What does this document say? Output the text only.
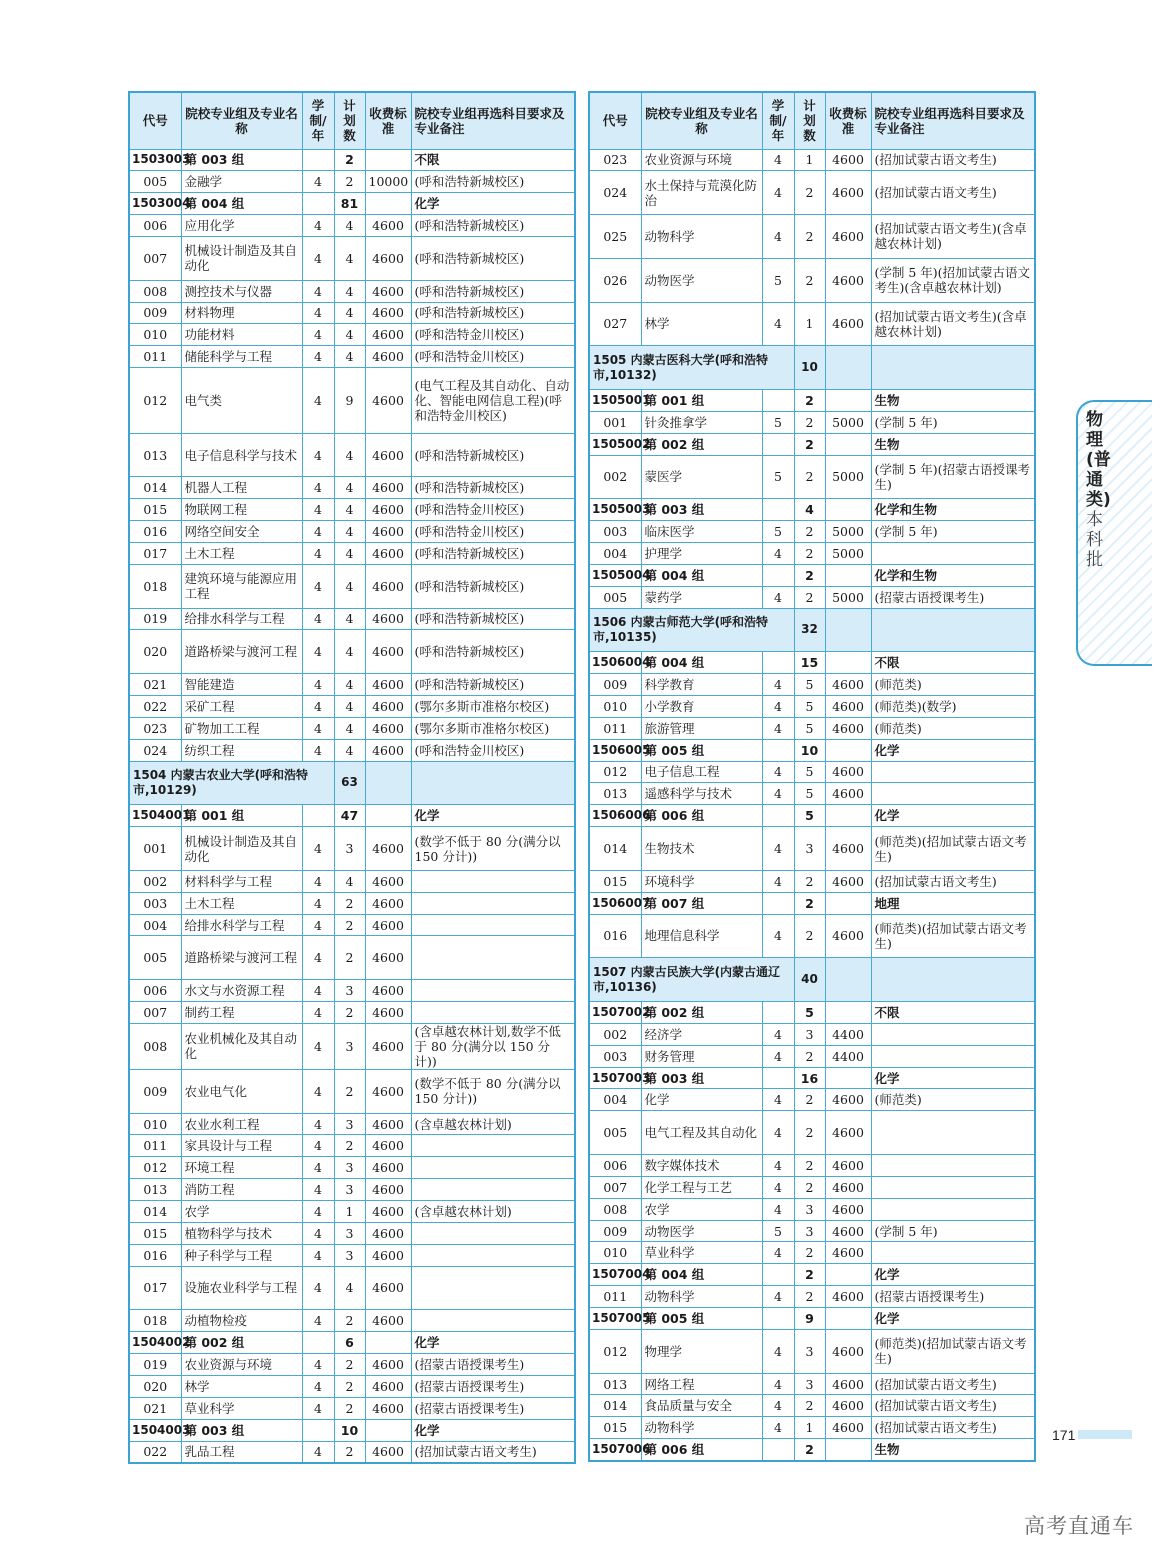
代号	院校专业组及专业名称	学制/年	计划数	收费标准	院校专业组再选科目要求及专业备注
1503003	第 003 组		2		不限
005	金融学	4	2	10000	(呼和浩特新城校区)
1503004	第 004 组		81		化学
006	应用化学	4	4	4600	(呼和浩特新城校区)
007	机械设计制造及其自动化	4	4	4600	(呼和浩特新城校区)
008	测控技术与仪器	4	4	4600	(呼和浩特新城校区)
009	材料物理	4	4	4600	(呼和浩特新城校区)
010	功能材料	4	4	4600	(呼和浩特金川校区)
011	储能科学与工程	4	4	4600	(呼和浩特金川校区)
012	电气类	4	9	4600	(电气工程及其自动化、自动化、智能电网信息工程)(呼和浩特金川校区)
013	电子信息科学与技术	4	4	4600	(呼和浩特新城校区)
014	机器人工程	4	4	4600	(呼和浩特新城校区)
015	物联网工程	4	4	4600	(呼和浩特金川校区)
016	网络空间安全	4	4	4600	(呼和浩特金川校区)
017	土木工程	4	4	4600	(呼和浩特新城校区)
018	建筑环境与能源应用工程	4	4	4600	(呼和浩特新城校区)
019	给排水科学与工程	4	4	4600	(呼和浩特新城校区)
020	道路桥梁与渡河工程	4	4	4600	(呼和浩特新城校区)
021	智能建造	4	4	4600	(呼和浩特新城校区)
022	采矿工程	4	4	4600	(鄂尔多斯市准格尔校区)
023	矿物加工工程	4	4	4600	(鄂尔多斯市准格尔校区)
024	纺织工程	4	4	4600	(呼和浩特金川校区)
1504 内蒙古农业大学(呼和浩特市,10129)			63		
1504001	第 001 组		47		化学
001	机械设计制造及其自动化	4	3	4600	(数学不低于 80 分(满分以 150 分计))
002	材料科学与工程	4	4	4600	
003	土木工程	4	2	4600	
004	给排水科学与工程	4	2	4600	
005	道路桥梁与渡河工程	4	2	4600	
006	水文与水资源工程	4	3	4600	
007	制药工程	4	2	4600	
008	农业机械化及其自动化	4	3	4600	(含卓越农林计划,数学不低于 80 分(满分以 150 分计))
009	农业电气化	4	2	4600	(数学不低于 80 分(满分以 150 分计))
010	农业水利工程	4	3	4600	(含卓越农林计划)
011	家具设计与工程	4	2	4600	
012	环境工程	4	3	4600	
013	消防工程	4	3	4600	
014	农学	4	1	4600	(含卓越农林计划)
015	植物科学与技术	4	3	4600	
016	种子科学与工程	4	3	4600	
017	设施农业科学与工程	4	4	4600	
018	动植物检疫	4	2	4600	
1504002	第 002 组		6		化学
019	农业资源与环境	4	2	4600	(招蒙古语授课考生)
020	林学	4	2	4600	(招蒙古语授课考生)
021	草业科学	4	2	4600	(招蒙古语授课考生)
1504003	第 003 组		10		化学
022	乳品工程	4	2	4600	(招加试蒙古语文考生)
代号	院校专业组及专业名称	学制/年	计划数	收费标准	院校专业组再选科目要求及专业备注
023	农业资源与环境	4	1	4600	(招加试蒙古语文考生)
024	水土保持与荒漠化防治	4	2	4600	(招加试蒙古语文考生)
025	动物科学	4	2	4600	(招加试蒙古语文考生)(含卓越农林计划)
026	动物医学	5	2	4600	(学制 5 年)(招加试蒙古语文考生)(含卓越农林计划)
027	林学	4	1	4600	(招加试蒙古语文考生)(含卓越农林计划)
1505 内蒙古医科大学(呼和浩特市,10132)			10		
1505001	第 001 组		2		生物
001	针灸推拿学	5	2	5000	(学制 5 年)
1505002	第 002 组		2		生物
002	蒙医学	5	2	5000	(学制 5 年)(招蒙古语授课考生)
1505003	第 003 组		4		化学和生物
003	临床医学	5	2	5000	(学制 5 年)
004	护理学	4	2	5000	
1505004	第 004 组		2		化学和生物
005	蒙药学	4	2	5000	(招蒙古语授课考生)
1506 内蒙古师范大学(呼和浩特市,10135)			32		
1506004	第 004 组		15		不限
009	科学教育	4	5	4600	(师范类)
010	小学教育	4	5	4600	(师范类)(数学)
011	旅游管理	4	5	4600	(师范类)
1506005	第 005 组		10		化学
012	电子信息工程	4	5	4600	
013	遥感科学与技术	4	5	4600	
1506006	第 006 组		5		化学
014	生物技术	4	3	4600	(师范类)(招加试蒙古语文考生)
015	环境科学	4	2	4600	(招加试蒙古语文考生)
1506007	第 007 组		2		地理
016	地理信息科学	4	2	4600	(师范类)(招加试蒙古语文考生)
1507 内蒙古民族大学(内蒙古通辽市,10136)			40		
1507002	第 002 组		5		不限
002	经济学	4	3	4400	
003	财务管理	4	2	4400	
1507003	第 003 组		16		化学
004	化学	4	2	4600	(师范类)
005	电气工程及其自动化	4	2	4600	
006	数字媒体技术	4	2	4600	
007	化学工程与工艺	4	2	4600	
008	农学	4	3	4600	
009	动物医学	5	3	4600	(学制 5 年)
010	草业科学	4	2	4600	
1507004	第 004 组		2		化学
011	动物科学	4	2	4600	(招蒙古语授课考生)
1507005	第 005 组		9		化学
012	物理学	4	3	4600	(师范类)(招加试蒙古语文考生)
013	网络工程	4	3	4600	(招加试蒙古语文考生)
014	食品质量与安全	4	2	4600	(招加试蒙古语文考生)
015	动物科学	4	1	4600	(招加试蒙古语文考生)
1507006	第 006 组		2		生物
物理(普通类)本科批
171
高考直通车
